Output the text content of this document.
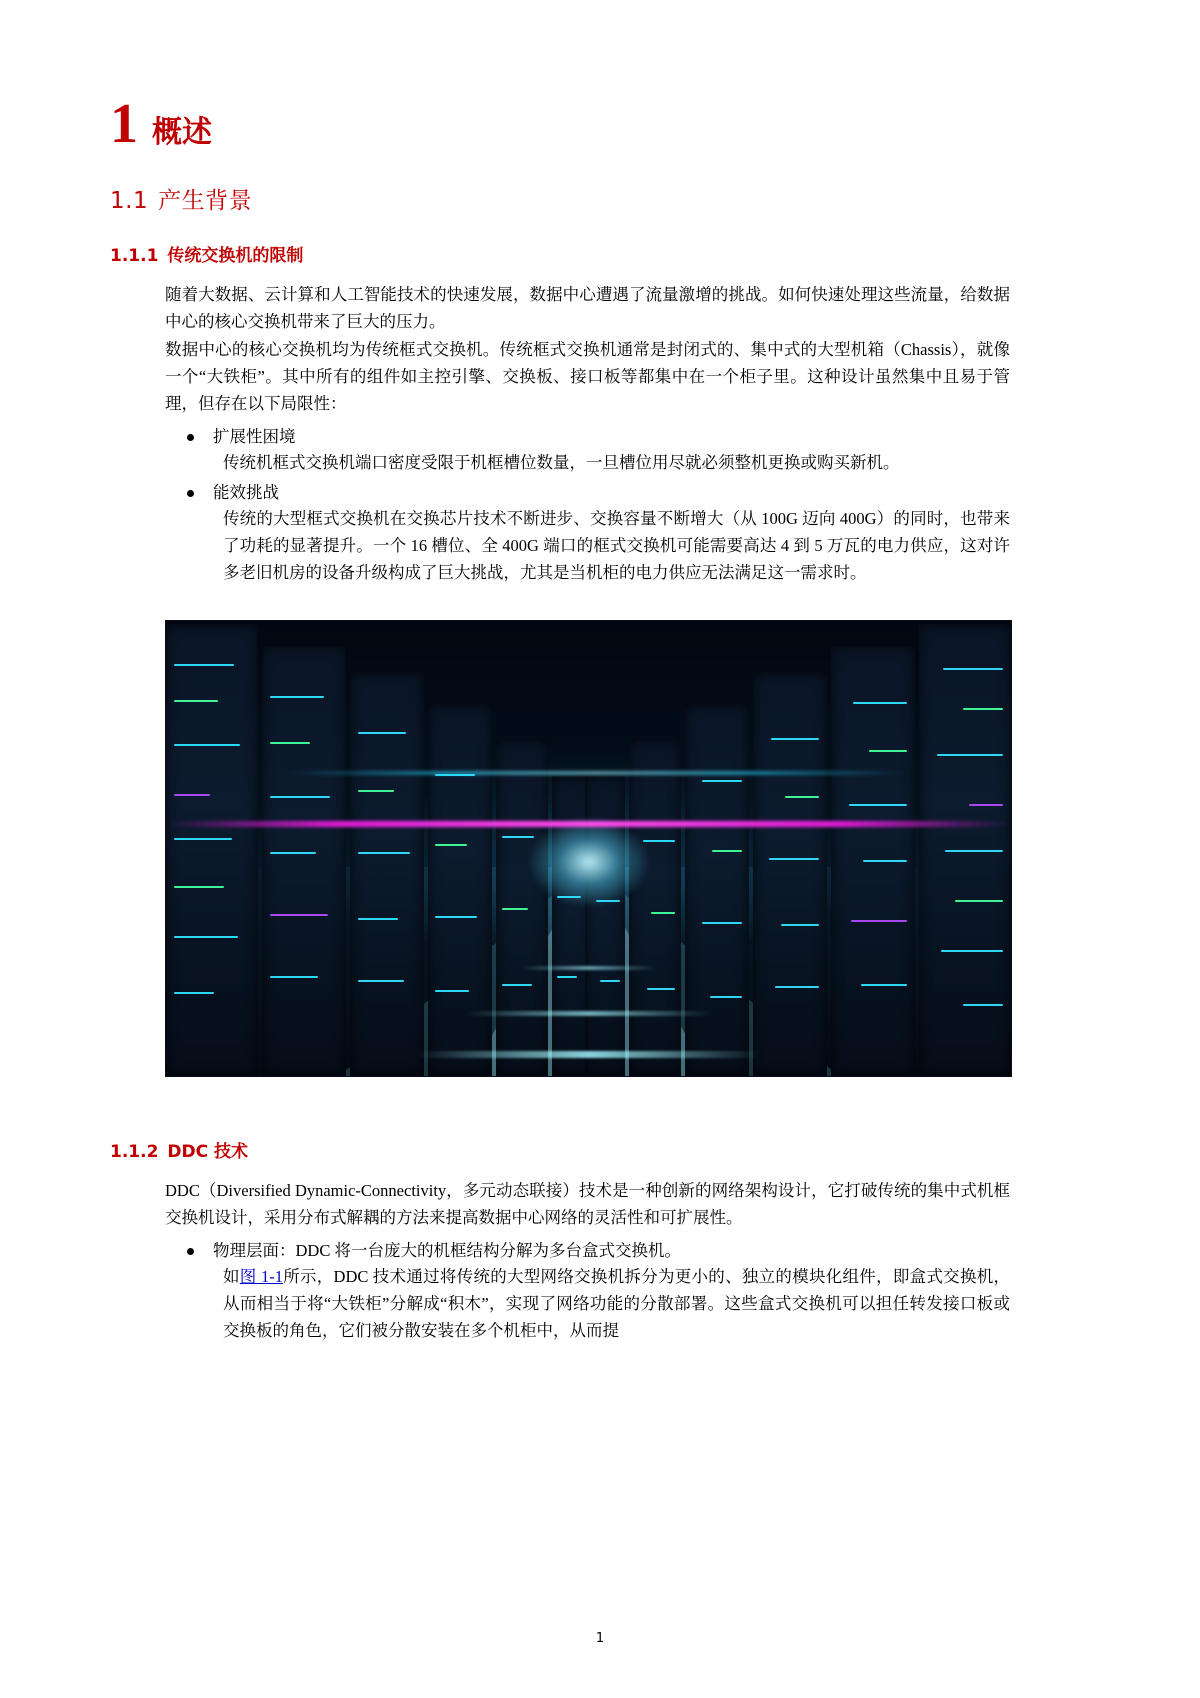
1 概述
1.1 产生背景
1.1.1 传统交换机的限制

随着大数据、云计算和人工智能技术的快速发展，数据中心遭遇了流量激增的挑战。如何快速处理这些流量，给数据中心的核心交换机带来了巨大的压力。

数据中心的核心交换机均为传统框式交换机。传统框式交换机通常是封闭式的、集中式的大型机箱（Chassis），就像一个“大铁柜”。其中所有的组件如主控引擎、交换板、接口板等都集中在一个柜子里。这种设计虽然集中且易于管理，但存在以下局限性：

扩展性困境

传统机框式交换机端口密度受限于机框槽位数量，一旦槽位用尽就必须整机更换或购买新机。

能效挑战

传统的大型框式交换机在交换芯片技术不断进步、交换容量不断增大（从 100G 迈向 400G）的同时，也带来了功耗的显著提升。一个 16 槽位、全 400G 端口的框式交换机可能需要高达 4 到 5 万瓦的电力供应，这对许多老旧机房的设备升级构成了巨大挑战，尤其是当机柜的电力供应无法满足这一需求时。

1.1.2 DDC 技术

DDC（Diversified Dynamic-Connectivity，多元动态联接）技术是一种创新的网络架构设计，它打破传统的集中式机框交换机设计，采用分布式解耦的方法来提高数据中心网络的灵活性和可扩展性。

物理层面：DDC 将一台庞大的机框结构分解为多台盒式交换机。

如图 1-1所示，DDC 技术通过将传统的大型网络交换机拆分为更小的、独立的模块化组件，即盒式交换机，从而相当于将“大铁柜”分解成“积木”，实现了网络功能的分散部署。这些盒式交换机可以担任转发接口板或交换板的角色，它们被分散安装在多个机柜中，从而提

1
